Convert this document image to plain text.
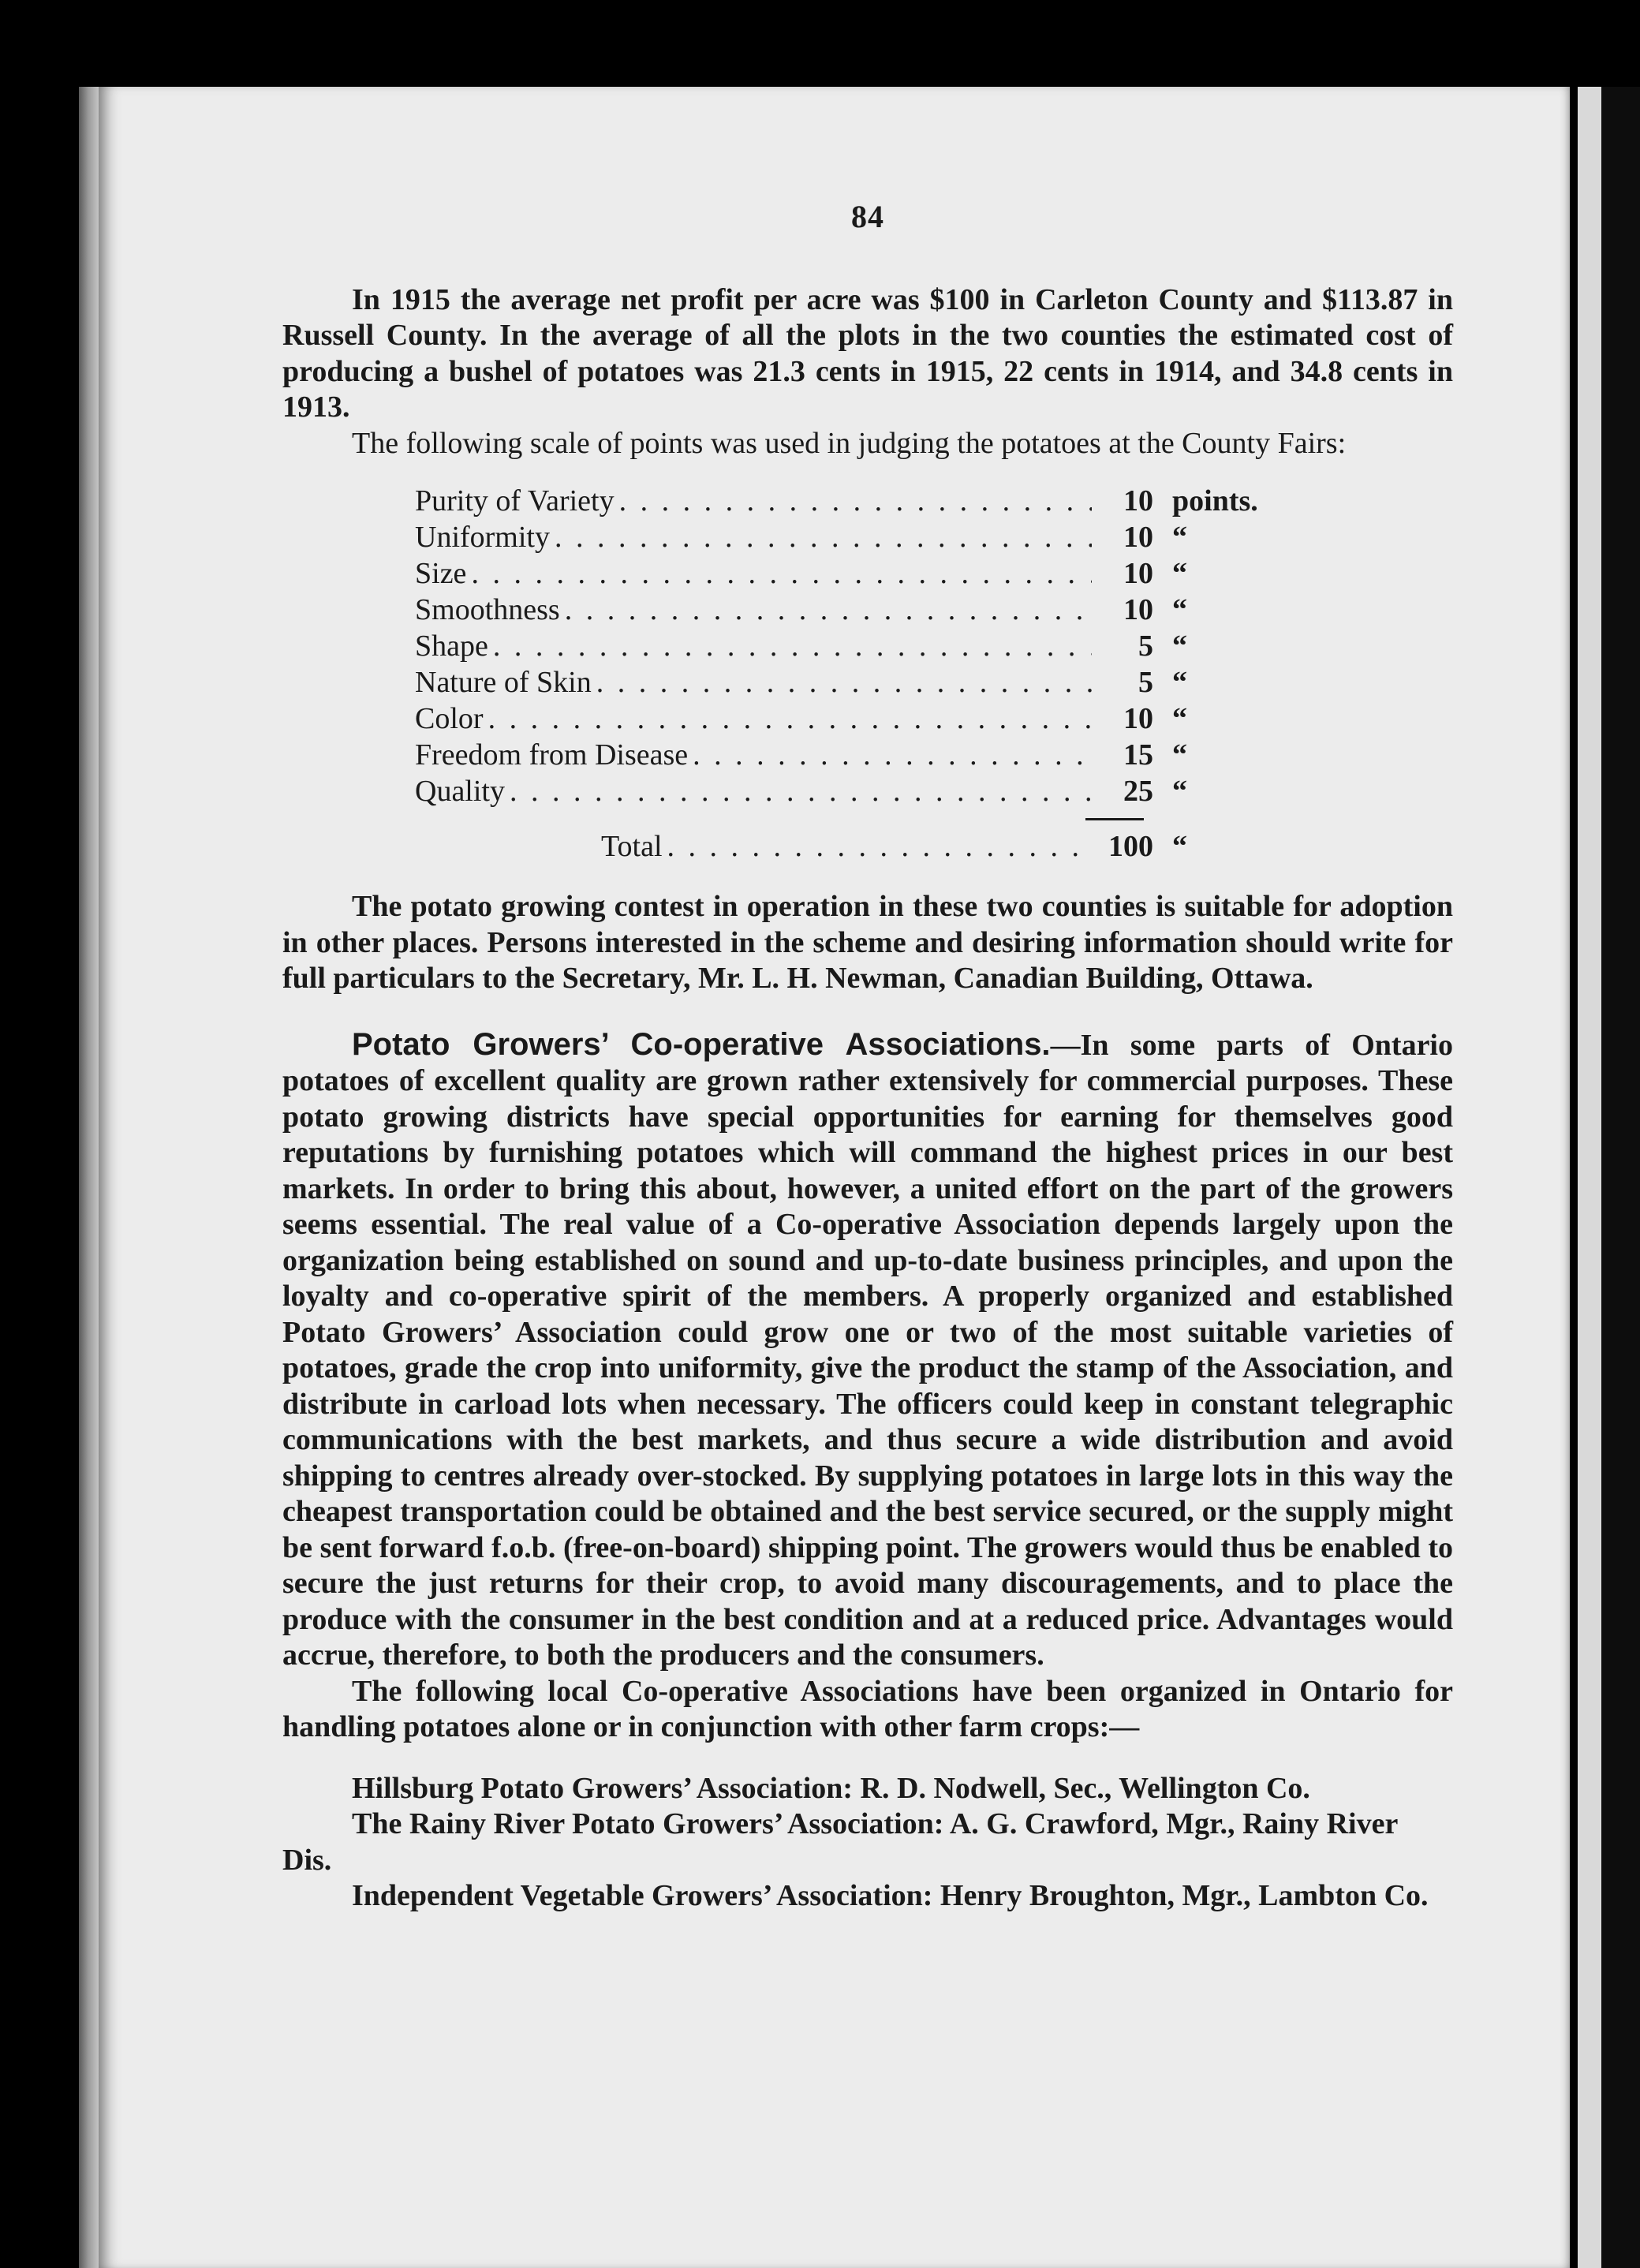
84

In 1915 the average net profit per acre was $100 in Carleton County and $113.87 in Russell County. In the average of all the plots in the two counties the estimated cost of producing a bushel of potatoes was 21.3 cents in 1915, 22 cents in 1914, and 34.8 cents in 1913.

The following scale of points was used in judging the potatoes at the County Fairs:

Purity of Variety . . .	10 points.
Uniformity . . .	10 “
Size . . .	10 “
Smoothness . . .	10 “
Shape . . .	5 “
Nature of Skin . . .	5 “
Color . . .	10 “
Freedom from Disease . . .	15 “
Quality . . .	25 “
Total . . .	100 “

The potato growing contest in operation in these two counties is suitable for adoption in other places. Persons interested in the scheme and desiring information should write for full particulars to the Secretary, Mr. L. H. Newman, Canadian Building, Ottawa.

Potato Growers’ Co-operative Associations.—In some parts of Ontario potatoes of excellent quality are grown rather extensively for commercial purposes. These potato growing districts have special opportunities for earning for themselves good reputations by furnishing potatoes which will command the highest prices in our best markets. In order to bring this about, however, a united effort on the part of the growers seems essential. The real value of a Co-operative Association depends largely upon the organization being established on sound and up-to-date business principles, and upon the loyalty and co-operative spirit of the members. A properly organized and established Potato Growers’ Association could grow one or two of the most suitable varieties of potatoes, grade the crop into uniformity, give the product the stamp of the Association, and distribute in carload lots when necessary. The officers could keep in constant telegraphic communications with the best markets, and thus secure a wide distribution and avoid shipping to centres already over-stocked. By supplying potatoes in large lots in this way the cheapest transportation could be obtained and the best service secured, or the supply might be sent forward f.o.b. (free-on-board) shipping point. The growers would thus be enabled to secure the just returns for their crop, to avoid many discouragements, and to place the produce with the consumer in the best condition and at a reduced price. Advantages would accrue, therefore, to both the producers and the consumers.

The following local Co-operative Associations have been organized in Ontario for handling potatoes alone or in conjunction with other farm crops:—

Hillsburg Potato Growers’ Association: R. D. Nodwell, Sec., Wellington Co.

The Rainy River Potato Growers’ Association: A. G. Crawford, Mgr., Rainy River Dis.

Independent Vegetable Growers’ Association: Henry Broughton, Mgr., Lambton Co.
